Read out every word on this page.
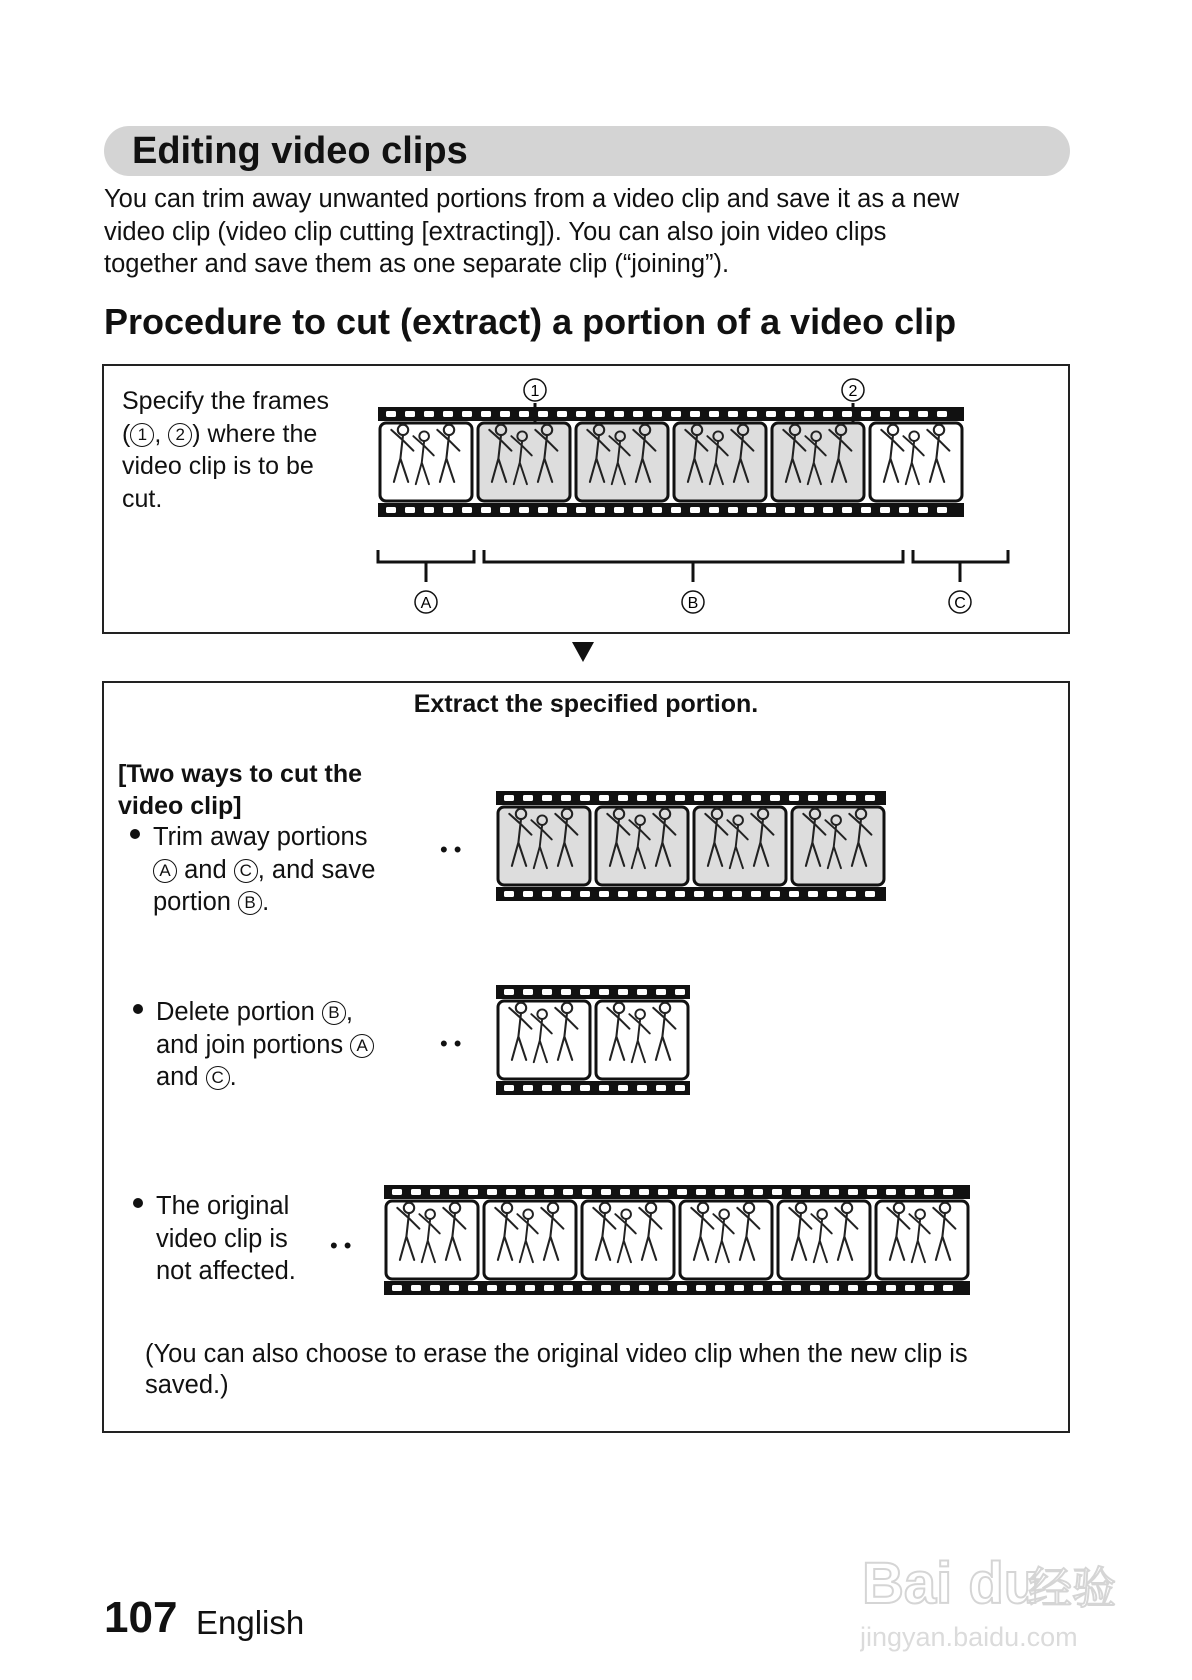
Editing video clips
You can trim away unwanted portions from a video clip and save it as a new
video clip (video clip cutting [extracting]). You can also join video clips
together and save them as one separate clip (“joining”).
Procedure to cut (extract) a portion of a video clip
Specify the frames
( 1 , 2 ) where the
video clip is to be
cut.
1	2
A	B	C
Extract the specified portion.
[Two ways to cut the
video clip]
Trim away portions
A and C , and save
portion B .
••
Delete portion B ,
and join portions A
and C .
••
The original
video clip is
not affected.
••
(You can also choose to erase the original video clip when the new clip is
saved.)
107 English
Bai du
经验
jingyan.baidu.com
